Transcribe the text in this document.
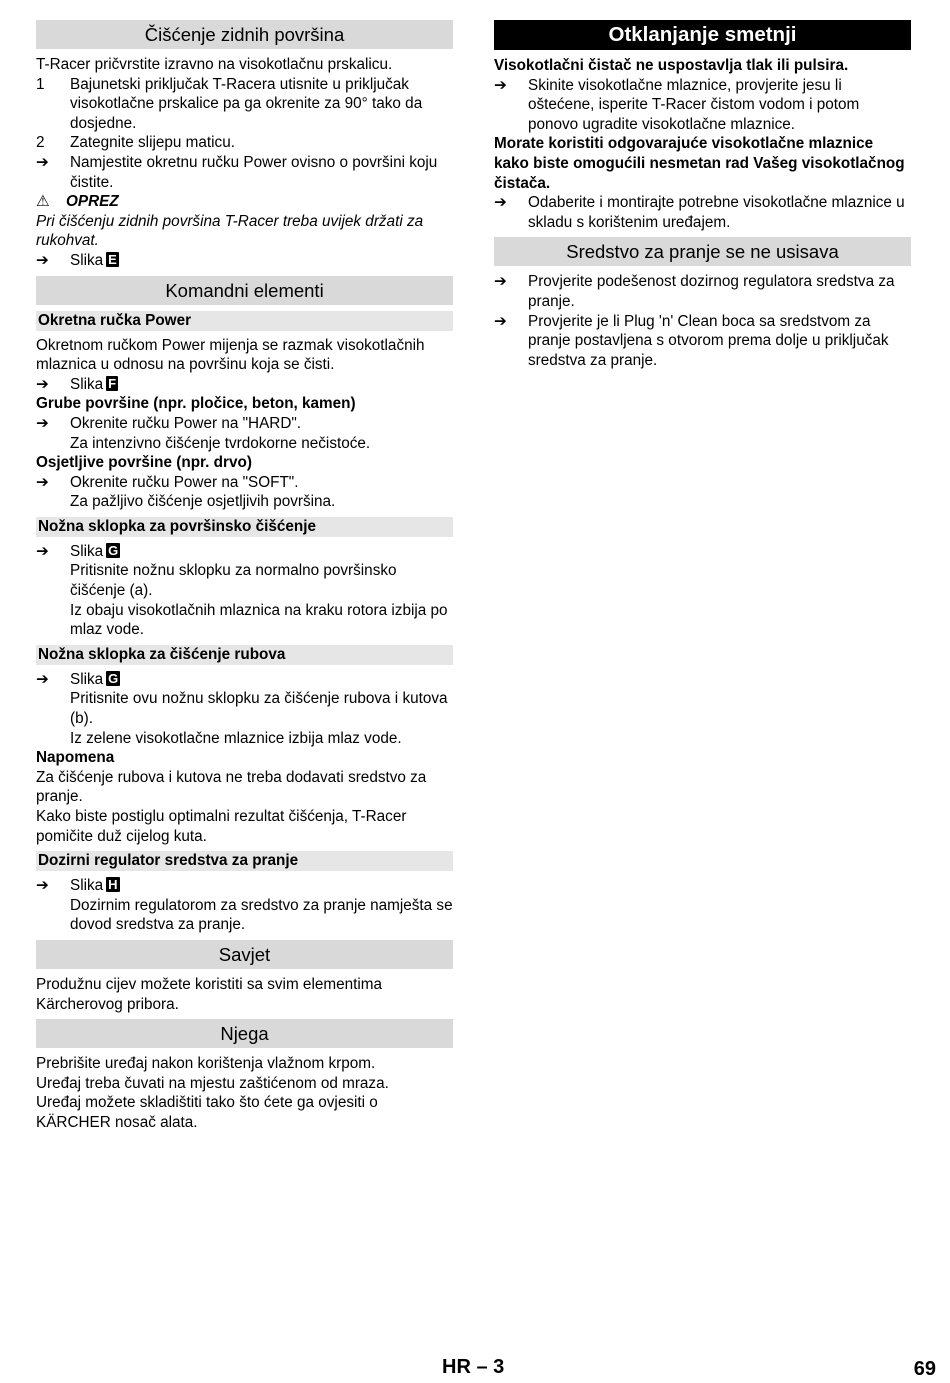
Čišćenje zidnih površina

T-Racer pričvrstite izravno na visokotlačnu prskalicu.

1 Bajunetski priključak T-Racera utisnite u priključak visokotlačne prskalice pa ga okrenite za 90° tako da dosjedne.
2 Zategnite slijepu maticu.
➔ Namjestite okretnu ručku Power ovisno o površini koju čistite.

⚠ OPREZ

Pri čišćenju zidnih površina T-Racer treba uvijek držati za rukohvat.

➔ Slika E
Komandni elementi
Okretna ručka Power

Okretnom ručkom Power mijenja se razmak visokotlačnih mlaznica u odnosu na površinu koja se čisti.

➔ Slika F

Grube površine (npr. pločice, beton, kamen)

➔ Okrenite ručku Power na "HARD".

Za intenzivno čišćenje tvrdokorne nečistoće.

Osjetljive površine (npr. drvo)

➔ Okrenite ručku Power na "SOFT".

Za pažljivo čišćenje osjetljivih površina.

Nožna sklopka za površinsko čišćenje
➔ Slika G

Pritisnite nožnu sklopku za normalno površinsko čišćenje (a).

Iz obaju visokotlačnih mlaznica na kraku rotora izbija po mlaz vode.

Nožna sklopka za čišćenje rubova
➔ Slika G

Pritisnite ovu nožnu sklopku za čišćenje rubova i kutova (b).

Iz zelene visokotlačne mlaznice izbija mlaz vode.

Napomena

Za čišćenje rubova i kutova ne treba dodavati sredstvo za pranje.

Kako biste postiglu optimalni rezultat čišćenja, T-Racer pomičite duž cijelog kuta.

Dozirni regulator sredstva za pranje
➔ Slika H

Dozirnim regulatorom za sredstvo za pranje namješta se dovod sredstva za pranje.

Savjet

Produžnu cijev možete koristiti sa svim elementima Kärcherovog pribora.

Njega

Prebrišite uređaj nakon korištenja vlažnom krpom.

Uređaj treba čuvati na mjestu zaštićenom od mraza.

Uređaj možete skladištiti tako što ćete ga ovjesiti o KÄRCHER nosač alata.

Otklanjanje smetnji

Visokotlačni čistač ne uspostavlja tlak ili pulsira.

➔ Skinite visokotlačne mlaznice, provjerite jesu li oštećene, isperite T-Racer čistom vodom i potom ponovo ugradite visokotlačne mlaznice.

Morate koristiti odgovarajuće visokotlačne mlaznice kako biste omogućili nesmetan rad Vašeg visokotlačnog čistača.

➔ Odaberite i montirajte potrebne visokotlačne mlaznice u skladu s korištenim uređajem.
Sredstvo za pranje se ne usisava
➔ Provjerite podešenost dozirnog regulatora sredstva za pranje.
➔ Provjerite je li Plug 'n' Clean boca sa sredstvom za pranje postavljena s otvorom prema dolje u priključak sredstva za pranje.
HR – 3	69
